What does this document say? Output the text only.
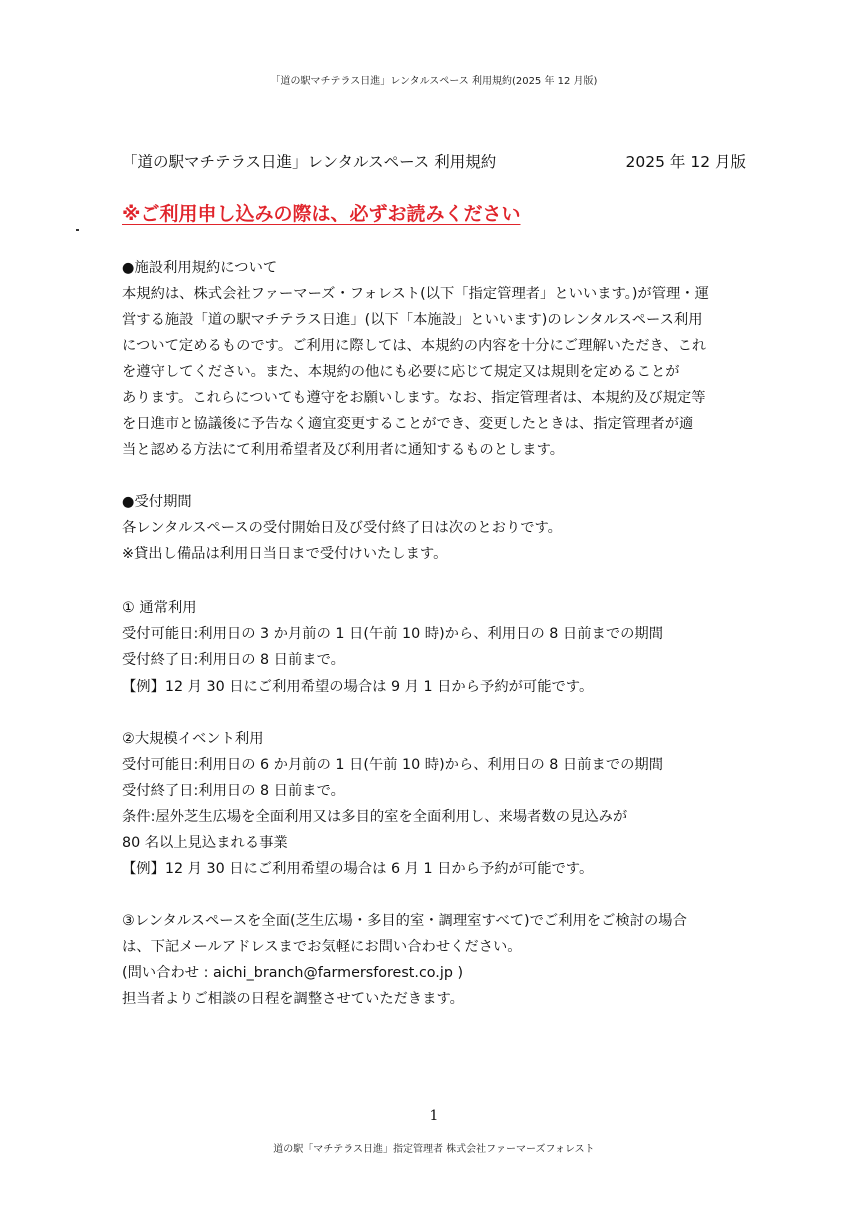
「道の駅マチテラス日進」レンタルスペース 利用規約(2025 年 12 月版)
「道の駅マチテラス日進」レンタルスペース 利用規約	2025 年 12 月版
※ご利用申し込みの際は、必ずお読みください
●施設利用規約について
本規約は、株式会社ファーマーズ・フォレスト(以下「指定管理者」といいます。)が管理・運
営する施設「道の駅マチテラス日進」(以下「本施設」といいます)のレンタルスペース利用
について定めるものです。ご利用に際しては、本規約の内容を十分にご理解いただき、これ
を遵守してください。また、本規約の他にも必要に応じて規定又は規則を定めることが
あります。これらについても遵守をお願いします。なお、指定管理者は、本規約及び規定等
を日進市と協議後に予告なく適宜変更することができ、変更したときは、指定管理者が適
当と認める方法にて利用希望者及び利用者に通知するものとします。
●受付期間
各レンタルスペースの受付開始日及び受付終了日は次のとおりです。
※貸出し備品は利用日当日まで受付けいたします。
① 通常利用
受付可能日:利用日の 3 か月前の 1 日(午前 10 時)から、利用日の 8 日前までの期間
受付終了日:利用日の 8 日前まで。
【例】12 月 30 日にご利用希望の場合は 9 月 1 日から予約が可能です。
②大規模イベント利用
受付可能日:利用日の 6 か月前の 1 日(午前 10 時)から、利用日の 8 日前までの期間
受付終了日:利用日の 8 日前まで。
条件:屋外芝生広場を全面利用又は多目的室を全面利用し、来場者数の見込みが
80 名以上見込まれる事業
【例】12 月 30 日にご利用希望の場合は 6 月 1 日から予約が可能です。
③レンタルスペースを全面(芝生広場・多目的室・調理室すべて)でご利用をご検討の場合
は、下記メールアドレスまでお気軽にお問い合わせください。
(問い合わせ : aichi_branch@farmersforest.co.jp )
担当者よりご相談の日程を調整させていただきます。
1
道の駅「マチテラス日進」指定管理者 株式会社ファーマーズフォレスト
